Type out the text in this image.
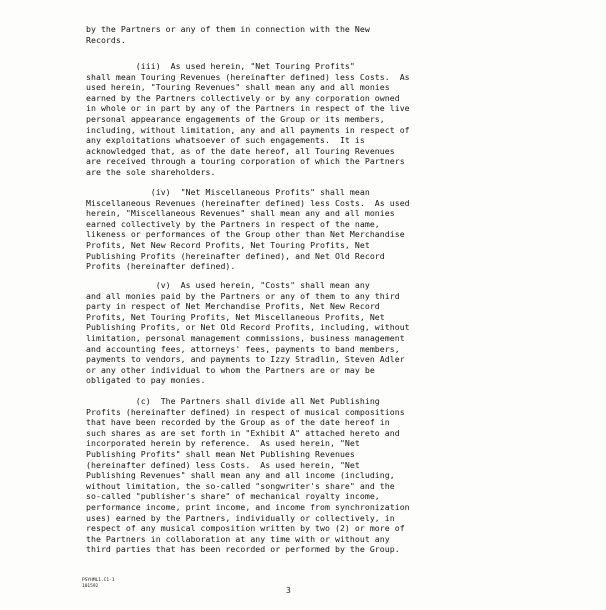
by the Partners or any of them in connection with the New
Records.
(iii)  As used herein, "Net Touring Profits"
shall mean Touring Revenues (hereinafter defined) less Costs.  As
used herein, "Touring Revenues" shall mean any and all monies
earned by the Partners collectively or by any corporation owned
in whole or in part by any of the Partners in respect of the live
personal appearance engagements of the Group or its members,
including, without limitation, any and all payments in respect of
any exploitations whatsoever of such engagements.  It is
acknowledged that, as of the date hereof, all Touring Revenues
are received through a touring corporation of which the Partners
are the sole shareholders.
(iv)  "Net Miscellaneous Profits" shall mean
Miscellaneous Revenues (hereinafter defined) less Costs.  As used
herein, "Miscellaneous Revenues" shall mean any and all monies
earned collectively by the Partners in respect of the name,
likeness or performances of the Group other than Net Merchandise
Profits, Net New Record Profits, Net Touring Profits, Net
Publishing Profits (hereinafter defined), and Net Old Record
Profits (hereinafter defined).
(v)  As used herein, "Costs" shall mean any
and all monies paid by the Partners or any of them to any third
party in respect of Net Merchandise Profits, Net New Record
Profits, Net Touring Profits, Net Miscellaneous Profits, Net
Publishing Profits, or Net Old Record Profits, including, without
limitation, personal management commissions, business management
and accounting fees, attorneys' fees, payments to band members,
payments to vendors, and payments to Izzy Stradlin, Steven Adler
or any other individual to whom the Partners are or may be
obligated to pay monies.
(c)  The Partners shall divide all Net Publishing
Profits (hereinafter defined) in respect of musical compositions
that have been recorded by the Group as of the date hereof in
such shares as are set forth in "Exhibit A" attached hereto and
incorporated herein by reference.  As used herein, "Net
Publishing Profits" shall mean Net Publishing Revenues
(hereinafter defined) less Costs.  As used herein, "Net
Publishing Revenues" shall mean any and all income (including,
without limitation, the so-called "songwriter's share" and the
so-called "publisher's share" of mechanical royalty income,
performance income, print income, and income from synchronization
uses) earned by the Partners, individually or collectively, in
respect of any musical composition written by two (2) or more of
the Partners in collaboration at any time with or without any
third parties that has been recorded or performed by the Group.
PSYHML1.C1-1
101592	3
